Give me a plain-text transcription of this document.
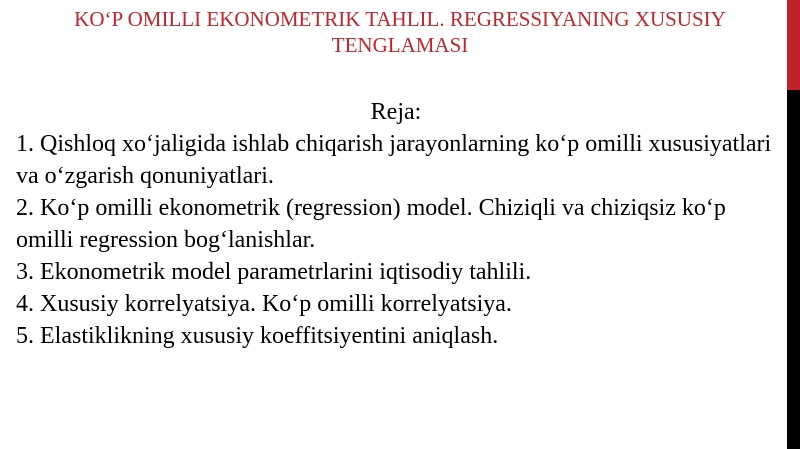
KO‘P OMILLI EKONOMETRIK TAHLIL. REGRESSIYANING XUSUSIY TENGLAMASI
Reja:

1. Qishloq xo‘jaligida ishlab chiqarish jarayonlarning ko‘p omilli xususiyatlari va o‘zgarish qonuniyatlari.

2. Ko‘p omilli ekonometrik (regression) model. Chiziqli va chiziqsiz ko‘p omilli regression bog‘lanishlar.

3. Ekonometrik model parametrlarini iqtisodiy tahlili.

4. Xususiy korrelyatsiya. Ko‘p omilli korrelyatsiya.

5. Elastiklikning xususiy koeffitsiyentini aniqlash.
